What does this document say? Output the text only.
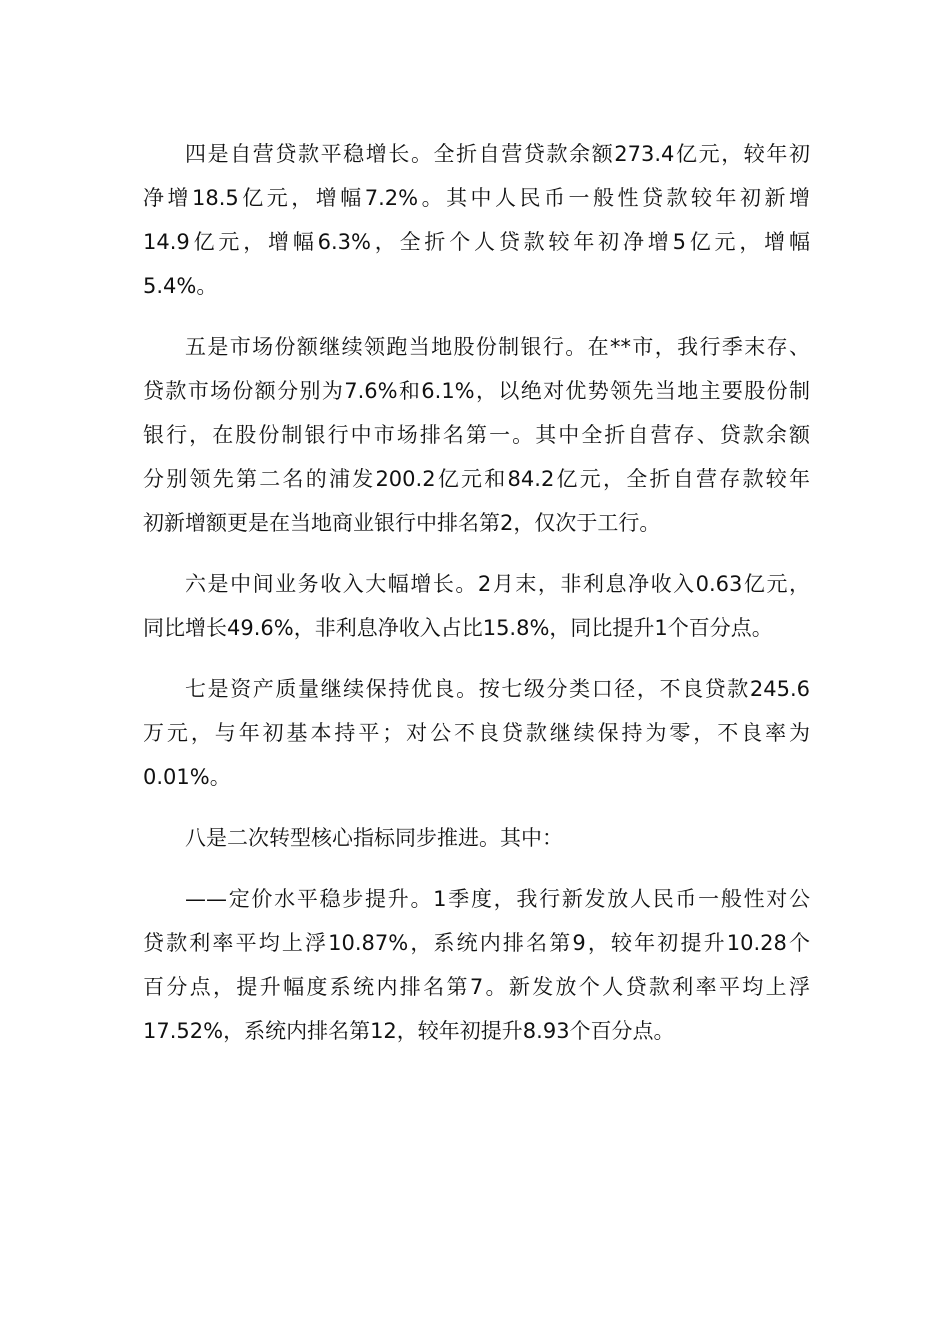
四是自营贷款平稳增长。全折自营贷款余额273.4亿元，较年初
净增18.5亿元，增幅7.2%。其中人民币一般性贷款较年初新增
14.9亿元，增幅6.3%，全折个人贷款较年初净增5亿元，增幅
5.4%。
五是市场份额继续领跑当地股份制银行。在**市，我行季末存、
贷款市场份额分别为7.6%和6.1%，以绝对优势领先当地主要股份制
银行，在股份制银行中市场排名第一。其中全折自营存、贷款余额
分别领先第二名的浦发200.2亿元和84.2亿元，全折自营存款较年
初新增额更是在当地商业银行中排名第2，仅次于工行。
六是中间业务收入大幅增长。2月末，非利息净收入0.63亿元，
同比增长49.6%，非利息净收入占比15.8%，同比提升1个百分点。
七是资产质量继续保持优良。按七级分类口径，不良贷款245.6
万元，与年初基本持平；对公不良贷款继续保持为零，不良率为
0.01%。
八是二次转型核心指标同步推进。其中：
——定价水平稳步提升。1季度，我行新发放人民币一般性对公
贷款利率平均上浮10.87%，系统内排名第9，较年初提升10.28个
百分点，提升幅度系统内排名第7。新发放个人贷款利率平均上浮
17.52%，系统内排名第12，较年初提升8.93个百分点。
